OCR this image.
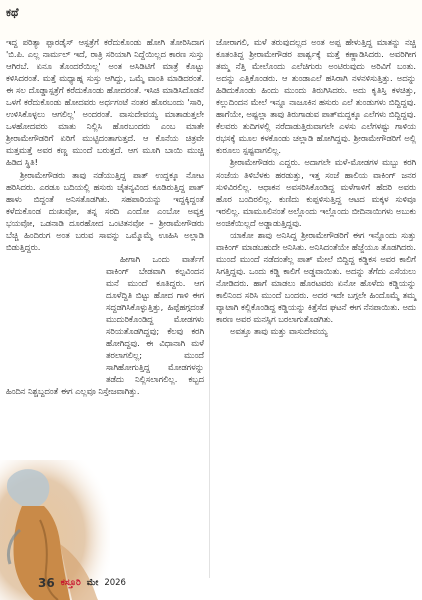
ಕಥೆ

ಇದ್ದ ಪರಿತ್ಯಾ ಪ್ಪಾರಡೈಸ್ ಆಸ್ಪತ್ರೆಗೆ ಕರೆದುಕೊಂಡು ಹೋಗಿ ತೋರಿಸಿದಾಗ 'ಬಿ.ಪಿ. ಎಲ್ಲ ನಾರ್ಮಲ್ ಇದೆ, ರಾತ್ರಿ ಸರಿಯಾಗಿ ನಿದ್ದೆಯಿಲ್ಲದ ಕಾರಣ ಸುಸ್ತು ಆಗಿರಬೆ. ಏನೂ ತೊಂದರೆಯಿಲ್ಲ' ಅಂತ ಅಸಿಡಿಟಿಗೆ ಮಾತ್ರೆ ಕೊಟ್ಟು ಕಳಿಸಿದರಂತೆ. ಮತ್ತೆ ಮಧ್ಯಾಹ್ನ ಸುಸ್ತು ಆಗಿದ್ದು, ಒಮ್ಮೆ ವಾಂತಿ ಮಾಡಿದರಂತೆ. ಈ ಸಲ ದೊಡ್ಡಾಸ್ಪತ್ರೆಗೆ ಕರೆದುಕೊಂಡು ಹೋದರಂತೆ. ಇಸಿಜಿ ಮಾಡಿಸಿದೊಡನೆ ಒಳಗೆ ಕರೆದುಕೊಂಡು ಹೋದವರು ಅರ್ಧಗಂಟೆ ನಂತರ ಹೊರಬಂದು 'ಸಾರಿ, ಉಳಿಸಿಕೊಳ್ಳಲು ಆಗಲಿಲ್ಲ' ಅಂದರಂತೆ. ವಾಸುದೇವಯ್ಯ ಮಾತಾಡುತ್ತಲೇ ಒಳಹೋದವರು ಮಾತು ನಿಲ್ಲಿಸಿ ಹೊರಬಂದರು ಎಂಬ ಮಾತೇ ಶ್ರೀರಾಮೇಗೌಡರಿಗೆ ಏರಿಗೆ ಮುಟ್ಟಿದಂತಾಗುತ್ತದೆ. ಆ ಕೊನೆಯ ಚಿತ್ರವೇ ಮತ್ತಮತ್ತೆ ಅವರ ಕಣ್ಣ ಮುಂದೆ ಬರುತ್ತದೆ. ಆಗ ಮೂಗಿ ಬಾಯಿ ಮುಚ್ಚಿ ಹಿಡಿದ ಸ್ಥಿತಿ!

ಶ್ರೀರಾಮೇಗೌಡರು ತಾವು ನಡೆಯುತ್ತಿದ್ದ ಪಾತ್ ಉದ್ದಕ್ಕೂ ನೋಟ ಹರಿಸಿದರು. ಎರಡೂ ಬದಿಯಲ್ಲಿ ಹಸುರು ಚೈತನ್ಯವಿಂದ ಕೂಡಿರುತ್ತಿದ್ದ ಪಾತ್ ಹಾಳು ಬಿದ್ದಂತೆ ಅನಿಸತೊಡಗಿತು. ಸಹಪಾಠಿಯನ್ನು ಇದ್ದಕ್ಕಿದ್ದಂತೆ ಕಳೆದುಕೊಂಡ ದುಃಖವೋ, ತನ್ನ ಸರದಿ ಎಂದೋ ಎಂಬೋ ಅವ್ಯಕ್ತ ಭಯವೋ, ಒಡನಾಡಿ ದೂರಹೋದ ಒಂಟಿತನವೋ – ಶ್ರೀರಾಮೇಗೌಡರು ಬೆಚ್ಚಿ ಹಿಂದಿರುಗ ಅಂತ ಬರುವ ಸಾವನ್ನು ಒಮ್ಮೊಮ್ಮೆ ಊಹಿಸಿ ಅಲ್ಲಾಡಿ ಬಿಡುತ್ತಿದ್ದರು.

ಹೀಗಾಗಿ ಒಂದು ವಾರ್ತೆಗೆ ವಾಕಿಂಗ್ ಬೇಡವಾಗಿ ಕಲ್ಪವಿಂದನ ಮನೆ ಮುಂದೆ ಕೂತಿದ್ದರು. ಆಗ ದೂಳೆದ್ದಿತಿ ಬಿಟ್ಟು ಹೋದ ಗಾಳಿ ಈಗ ಸದ್ದಡಗಿಸಿಕೊಳ್ಳುತ್ತಿತ್ತು, ಹಿಪ್ಪೆಹಗ್ಗದಂತೆ ಮುದುರಿಕೊಂಡಿದ್ದ ಮೋಡಗಳು ಸರಿಯತೊಡಗಿದ್ದವು; ಕೆಲವು ಕರಗಿ ಹೋಗಿದ್ದವು. ಈ ವಿಧಾನಾಗಿ ಮಳೆ ತರಲಾಗಲಿಲ್ಲ; ಮುಂದೆ ಸಾಗಿಹೋಗುತ್ತಿದ್ದ ಮೋಡಗಳನ್ನು ತಡೆದು ನಿಲ್ಲಿಸಲಾಗಲಿಲ್ಲ. ಕಬ್ಬದ ಹಿಂದಿನ ನಿಶ್ಚಬ್ದದಂತೆ ಈಗ ಎಲ್ಲವೂ ನಿಸ್ತೇಜವಾಗಿತ್ತು.

ಜೋರಾಗಲಿ, ಮಳೆ ತರುವುದಲ್ಲದ ಅಂತ ಅಪ್ಪ ಹೇಳುತ್ತಿದ್ದ ಮಾತನ್ನು ನಚ್ಚಿ ಕೂತಂತಿದ್ದ ಶ್ರೀರಾಮೇಗೌಡರ ಪಾರ್ಶ್ವಕ್ಕೆ ಮತ್ತೆ ಕಣ್ಣಾಡಿಸಿದರು. ಅವರಿಗೀಗ ತಮ್ಮ ನೆತ್ತಿ ಮೇಲೊಂದು ಎಲೆಚಿಗುರು ಅಂಟಿರುವುದು ಅರಿವಿಗೆ ಬಂತು. ಅದನ್ನು ಎತ್ತಿಕೊಂಡರು. ಆ ತುಂಡಾಎಲೆ ಹಸಿರಾಗಿ ನಳನಳಿಸುತ್ತಿತ್ತು. ಅದನ್ನು ಹಿಡಿದುಕೊಂಡು ಹಿಂದು ಮುಂದು ತಿರುಗಿಸಿದರು. ಅದು ಕೃತಿಸ್ತಿ ಕಳಚಿತ್ತು, ಕಲ್ಲುದಿಂದನ ಮೇಲೆ ಇನ್ನೂ ನಾಜೂಕಿನ ಹಸುರು ಎಲೆ ತುಂಡುಗಳು ಬಿದ್ದಿದ್ದವು. ಹಾಗೆಯೇ, ಅಷ್ಟಲ್ಲಾ ತಾವು ತಿರುಗಾಡುವ ಪಾತ್‌ಮದ್ದಕ್ಕೂ ಎಲೆಗಳು ಬಿದ್ದಿದ್ದವು. ಕೆಲವರು ತುದಿಗಳಲ್ಲಿ ನರೆದಾಡುತ್ತಿರುವಾಗಲೇ ಎಳಸು ಎಲೆಗಳಷ್ಟು ಗಾಳಿಯ ರಭಸಕ್ಕೆ ಮೂಲ ಕಳಕೊಂಡು ಚಲ್ಲಾಡಿ ಹೋಗಿದ್ದವು. ಶ್ರೀರಾಮೇಗೌಡರಿಗೆ ಅಲ್ಲಿ ಕುರೂಲು ಸ್ಪಷ್ಟವಾಗಲಿಲ್ಲ.

ಶ್ರೀರಾಮೇಗೌಡರು ಎದ್ದರು. ಅದಾಗಲೇ ಮಳೆ-ಮೋಡಗಳ ಮಬ್ಬು ಕರಗಿ ಸಂಜೆಯ ತಿಳಿಬೆಳಕು ಹರಡುತ್ತು, ಇತ್ತ ಸಂಜೆ ಹಾಲಿಯ ವಾಕಿಂಗ್ ಜನರ ಸುಳಿವಿರಲಿಲ್ಲ. ಆಧಾಕನ ಅವಸರಿಸಿಕೊಂಡಿದ್ದ ಮಳೆಗಾಳಿಗೆ ಹೆದರಿ ಅವರು ಹೊರ ಬಂದಿರಲಿಲ್ಲ. ಕುಣಿದು ಕುಪ್ಪಳಿಸುತ್ತಿದ್ದ ಆಟದ ಮಕ್ಕಳ ಸುಳಿವೂ ಇರಲಿಲ್ಲ. ಮಾಮೂಲಿನಂತೆ ಅಲ್ಲೊಂದು ಇಲ್ಲೊಂದು ಬೀದಿನಾಯಿಗಳು ಅಬುಕು ಅಂಜಿಕೆಯಿಲ್ಲದೆ ಅಡ್ಡಾಡುತ್ತಿದ್ದವು.

ಯಾಕೋ ಶಾವು ಅನಿಸಿದ್ದ ಶ್ರೀರಾಮೇಗೌಡರಿಗೆ ಈಗ ಇನ್ನೊಂದು ಸುತ್ತು ವಾಕಿಂಗ್ ಮಾಡಬಹುದೇ ಅನಿಸಿತು. ಅನಿಸಿದಂತೆಯೇ ಹೆಜ್ಜೆಯೂ ತೊಡಗಿದರು. ಮುಂದೆ ಮುಂದೆ ನಡೆದಂತೆಲ್ಲ ಪಾತ್ ಮೇಲೆ ಬಿದ್ದಿದ್ದ ಕಡ್ಡಿಕಸ ಅವರ ಕಾಲಿಗೆ ಸಿಗತ್ತಿದ್ದವು. ಒಂದು ಕಡ್ಡಿ ಕಾಲಿಗೆ ಅಡ್ಡವಾಯಿತು. ಅದನ್ನು ತೆಗೆದು ಎಸೆಯಲು ನೋಡಿದರು. ಹಾಗೆ ಮಾಡಲು ಹೊರಟವರು ಏನೋ ಹೊಳೆದು ಕಡ್ಡಿಯನ್ನು ಕಾಲಿನಿಂದ ಸರಿಸಿ ಮುಂದೆ ಬಂದರು. ಅದರ ಇದೇ ಬಗ್ಗಲೇ ಹಿಂದೊಮ್ಮೆ ತಮ್ಮ ವ್ಯಾಟಾಗಿ ಕಲ್ಲಿಕೊಂಡಿದ್ದ ಕಡ್ಡಿಯನ್ನು ಕಿತ್ತೆಸೆದ ಘಟನೆ ಈಗ ನೆನಪಾಯಿತು. ಅದು ಕಾರಣ ಅವರ ಮನಸ್ಸಿಗ ಬರಲಾಗುತೊಡಗಿತು.

ಅವತ್ತೂ ತಾವು ಮತ್ತು ವಾಸುದೇವಯ್ಯ

36 ಕಸ್ತೂರಿ ಮೇ 2026
